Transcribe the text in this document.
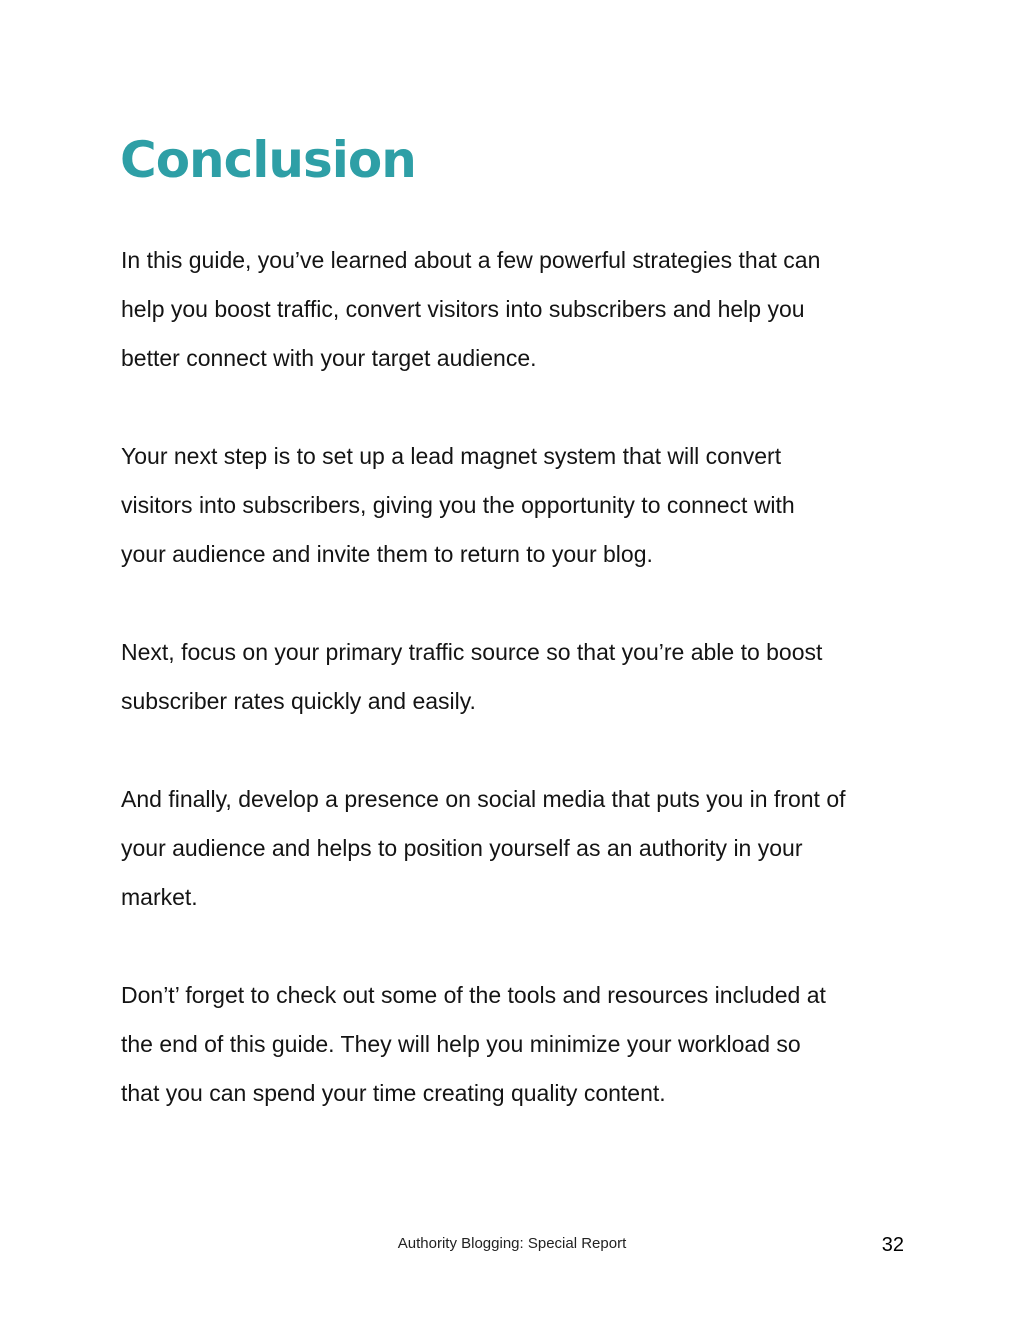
Conclusion

In this guide, you’ve learned about a few powerful strategies that can
help you boost traffic, convert visitors into subscribers and help you
better connect with your target audience.

Your next step is to set up a lead magnet system that will convert
visitors into subscribers, giving you the opportunity to connect with
your audience and invite them to return to your blog.

Next, focus on your primary traffic source so that you’re able to boost
subscriber rates quickly and easily.

And finally, develop a presence on social media that puts you in front of
your audience and helps to position yourself as an authority in your
market.

Don’t’ forget to check out some of the tools and resources included at
the end of this guide. They will help you minimize your workload so
that you can spend your time creating quality content.

Authority Blogging: Special Report	32
